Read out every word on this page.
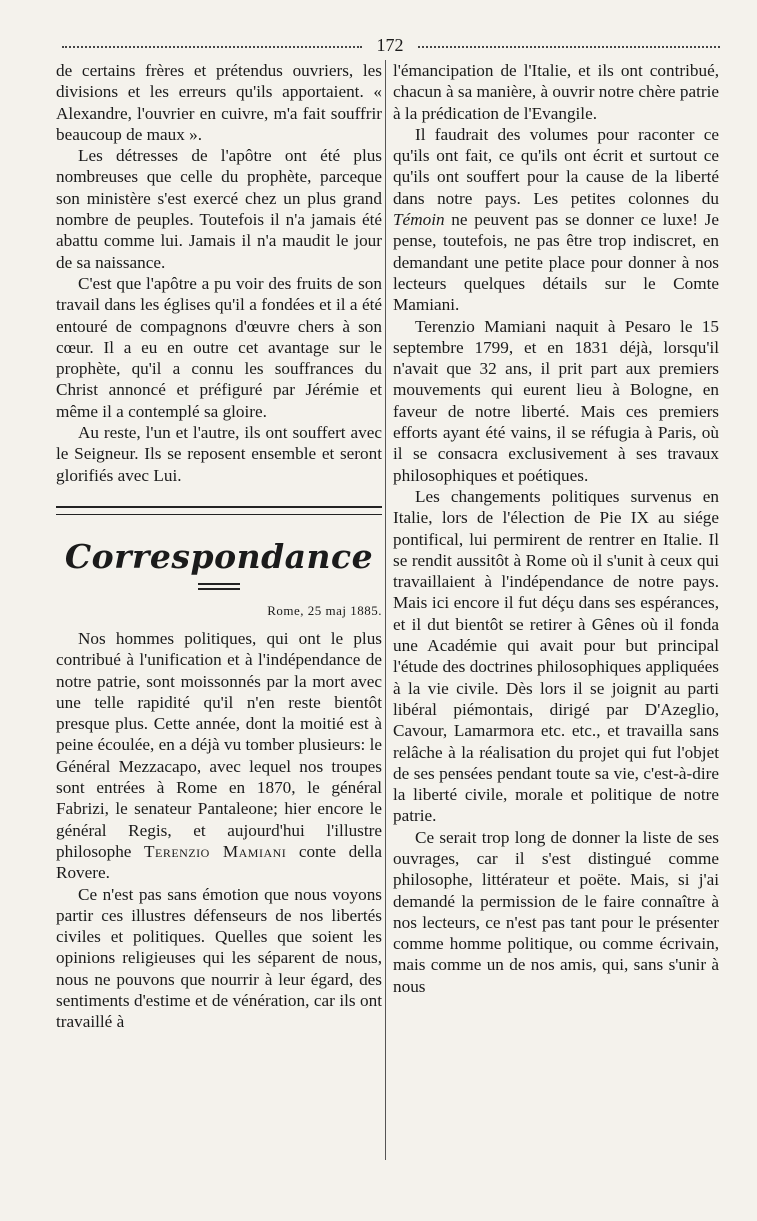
172

de certains frères et prétendus ouvriers, les divisions et les erreurs qu'ils apportaient. « Alexandre, l'ouvrier en cuivre, m'a fait souffrir beaucoup de maux ».

Les détresses de l'apôtre ont été plus nombreuses que celle du prophète, parceque son ministère s'est exercé chez un plus grand nombre de peuples. Toutefois il n'a jamais été abattu comme lui. Jamais il n'a maudit le jour de sa naissance.

C'est que l'apôtre a pu voir des fruits de son travail dans les églises qu'il a fondées et il a été entouré de compagnons d'œuvre chers à son cœur. Il a eu en outre cet avantage sur le prophète, qu'il a connu les souffrances du Christ annoncé et préfiguré par Jérémie et même il a contemplé sa gloire.

Au reste, l'un et l'autre, ils ont souffert avec le Seigneur. Ils se reposent ensemble et seront glorifiés avec Lui.

Correspondance
Rome, 25 maj 1885.

Nos hommes politiques, qui ont le plus contribué à l'unification et à l'indépendance de notre patrie, sont moissonnés par la mort avec une telle rapidité qu'il n'en reste bientôt presque plus. Cette année, dont la moitié est à peine écoulée, en a déjà vu tomber plusieurs: le Général Mezzacapo, avec lequel nos troupes sont entrées à Rome en 1870, le général Fabrizi, le senateur Pantaleone; hier encore le général Regis, et aujourd'hui l'illustre philosophe Terenzio Mamiani conte della Rovere.

Ce n'est pas sans émotion que nous voyons partir ces illustres défenseurs de nos libertés civiles et politiques. Quelles que soient les opinions religieuses qui les séparent de nous, nous ne pouvons que nourrir à leur égard, des sentiments d'estime et de vénération, car ils ont travaillé à

l'émancipation de l'Italie, et ils ont contribué, chacun à sa manière, à ouvrir notre chère patrie à la prédication de l'Evangile.

Il faudrait des volumes pour raconter ce qu'ils ont fait, ce qu'ils ont écrit et surtout ce qu'ils ont souffert pour la cause de la liberté dans notre pays. Les petites colonnes du Témoin ne peuvent pas se donner ce luxe! Je pense, toutefois, ne pas être trop indiscret, en demandant une petite place pour donner à nos lecteurs quelques détails sur le Comte Mamiani.

Terenzio Mamiani naquit à Pesaro le 15 septembre 1799, et en 1831 déjà, lorsqu'il n'avait que 32 ans, il prit part aux premiers mouvements qui eurent lieu à Bologne, en faveur de notre liberté. Mais ces premiers efforts ayant été vains, il se réfugia à Paris, où il se consacra exclusivement à ses travaux philosophiques et poétiques.

Les changements politiques survenus en Italie, lors de l'élection de Pie IX au siége pontifical, lui permirent de rentrer en Italie. Il se rendit aussitôt à Rome où il s'unit à ceux qui travaillaient à l'indépendance de notre pays. Mais ici encore il fut déçu dans ses espérances, et il dut bientôt se retirer à Gênes où il fonda une Académie qui avait pour but principal l'étude des doctrines philosophiques appliquées à la vie civile. Dès lors il se joignit au parti libéral piémontais, dirigé par D'Azeglio, Cavour, Lamarmora etc. etc., et travailla sans relâche à la réalisation du projet qui fut l'objet de ses pensées pendant toute sa vie, c'est-à-dire la liberté civile, morale et politique de notre patrie.

Ce serait trop long de donner la liste de ses ouvrages, car il s'est distingué comme philosophe, littérateur et poëte. Mais, si j'ai demandé la permission de le faire connaître à nos lecteurs, ce n'est pas tant pour le présenter comme homme politique, ou comme écrivain, mais comme un de nos amis, qui, sans s'unir à nous
